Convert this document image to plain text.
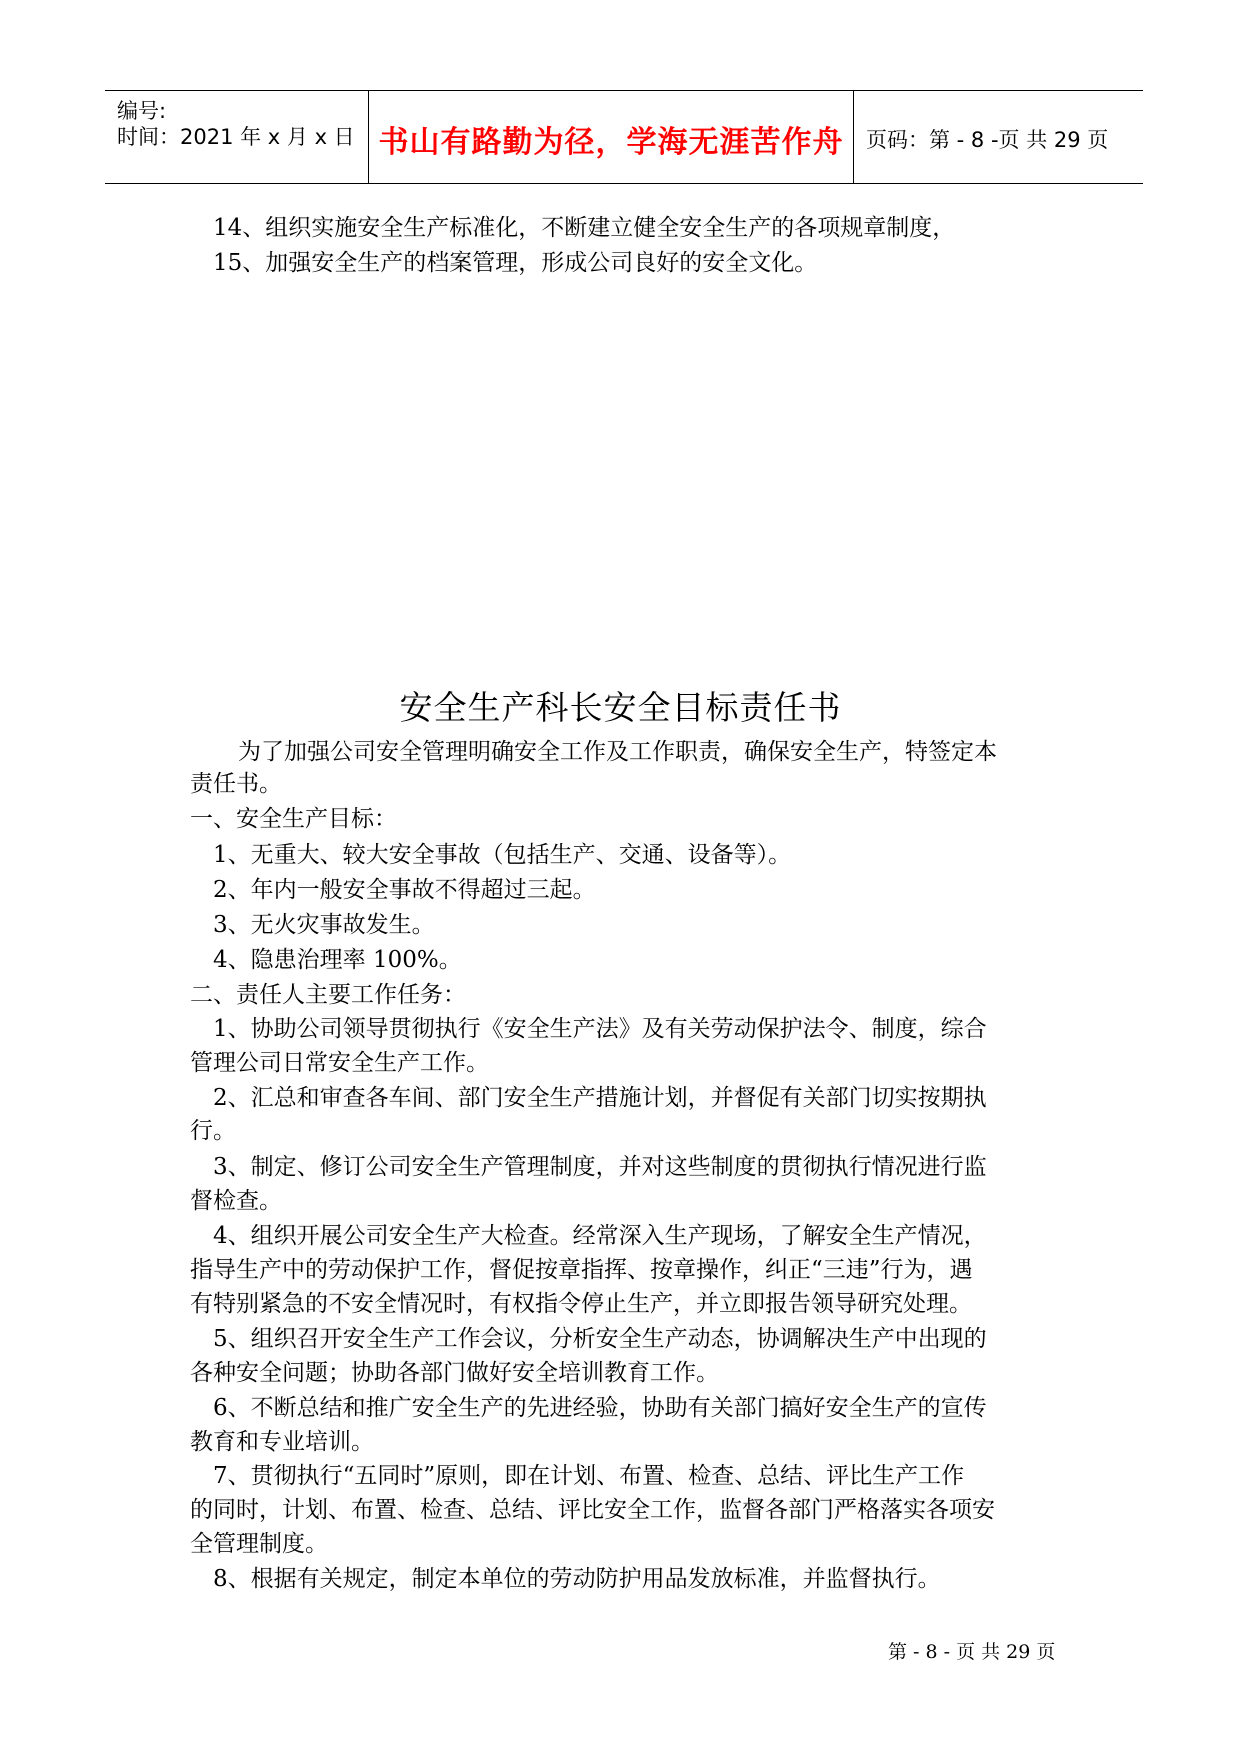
编号:
时间：2021 年 x 月 x 日 书山有路勤为径，学海无涯苦作舟	页码：第 - 8 -页 共 29 页
14、组织实施安全生产标准化，不断建立健全安全生产的各项规章制度，
15、加强安全生产的档案管理，形成公司良好的安全文化。
安全生产科长安全目标责任书
为了加强公司安全管理明确安全工作及工作职责，确保安全生产，特签定本
责任书。
一、安全生产目标：
1、无重大、较大安全事故（包括生产、交通、设备等）。
2、年内一般安全事故不得超过三起。
3、无火灾事故发生。
4、隐患治理率 100%。
二、责任人主要工作任务：
1、协助公司领导贯彻执行《安全生产法》及有关劳动保护法令、制度，综合
管理公司日常安全生产工作。
2、汇总和审查各车间、部门安全生产措施计划，并督促有关部门切实按期执
行。
3、制定、修订公司安全生产管理制度，并对这些制度的贯彻执行情况进行监
督检查。
4、组织开展公司安全生产大检查。经常深入生产现场，了解安全生产情况，
指导生产中的劳动保护工作，督促按章指挥、按章操作，纠正“三违”行为，遇
有特别紧急的不安全情况时，有权指令停止生产，并立即报告领导研究处理。
5、组织召开安全生产工作会议，分析安全生产动态，协调解决生产中出现的
各种安全问题；协助各部门做好安全培训教育工作。
6、不断总结和推广安全生产的先进经验，协助有关部门搞好安全生产的宣传
教育和专业培训。
7、贯彻执行“五同时”原则，即在计划、布置、检查、总结、评比生产工作
的同时，计划、布置、检查、总结、评比安全工作，监督各部门严格落实各项安
全管理制度。
8、根据有关规定，制定本单位的劳动防护用品发放标准，并监督执行。
第 - 8 - 页 共 29 页
